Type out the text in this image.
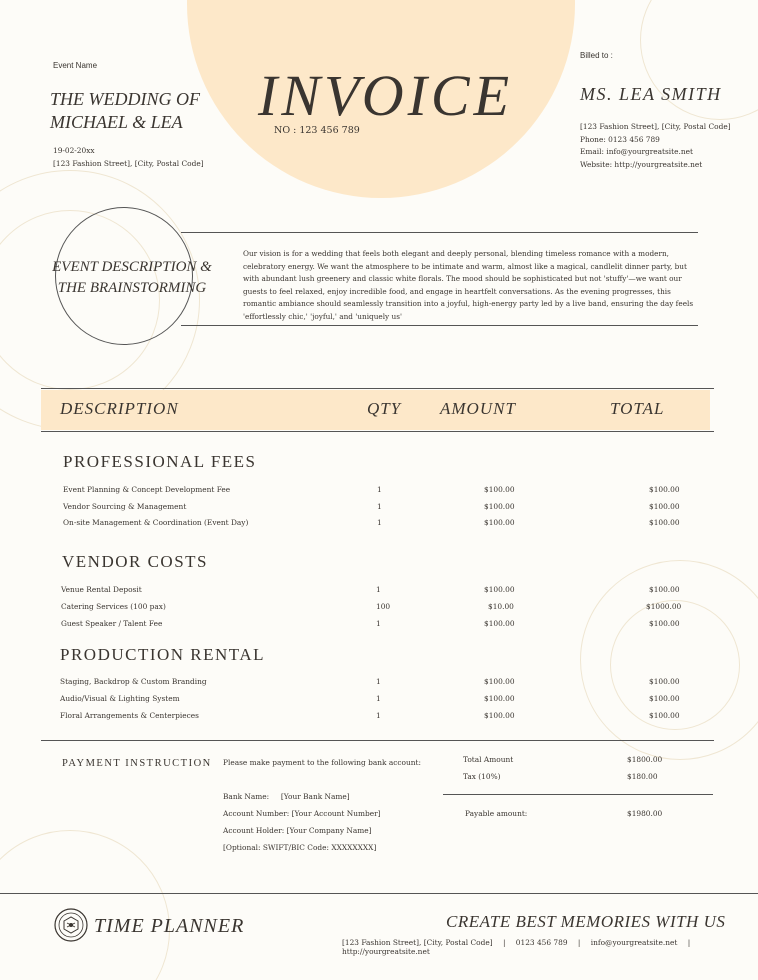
INVOICE
NO : 123 456 789
Event Name
THE WEDDING OF
MICHAEL & LEA
19-02-20xx
[123 Fashion Street], [City, Postal Code]
Billed to :
MS. LEA SMITH
[123 Fashion Street], [City, Postal Code]
Phone: 0123 456 789
Email: info@yourgreatsite.net
Website: http://yourgreatsite.net
EVENT DESCRIPTION &
THE BRAINSTORMING
Our vision is for a wedding that feels both elegant and deeply personal, blending timeless romance with a modern, celebratory energy. We want the atmosphere to be intimate and warm, almost like a magical, candlelit dinner party, but with abundant lush greenery and classic white florals. The mood should be sophisticated but not 'stuffy'—we want our guests to feel relaxed, enjoy incredible food, and engage in heartfelt conversations. As the evening progresses, this romantic ambiance should seamlessly transition into a joyful, high-energy party led by a live band, ensuring the day feels 'effortlessly chic,' 'joyful,' and 'uniquely us'
DESCRIPTION	QTY AMOUNT	TOTAL
PROFESSIONAL FEES
Event Planning & Concept Development Fee	1	$100.00	$100.00
Vendor Sourcing & Management	1	$100.00	$100.00
On-site Management & Coordination (Event Day)	1	$100.00	$100.00
VENDOR COSTS
Venue Rental Deposit	1	$100.00	$100.00
Catering Services (100 pax)	100	$10.00	$1000.00
Guest Speaker / Talent Fee	1	$100.00	$100.00
PRODUCTION RENTAL
Staging, Backdrop & Custom Branding	1	$100.00	$100.00
Audio/Visual & Lighting System	1	$100.00	$100.00
Floral Arrangements & Centerpieces	1	$100.00	$100.00
PAYMENT INSTRUCTION Please make payment to the following bank account:
Bank Name:     [Your Bank Name]
Account Number: [Your Account Number]
Account Holder: [Your Company Name]
[Optional: SWIFT/BIC Code: XXXXXXXX]
Total Amount	$1800.00
Tax (10%)	$180.00
Payable amount:	$1980.00
TIME PLANNER	CREATE BEST MEMORIES WITH US
[123 Fashion Street], [City, Postal Code] | 0123 456 789 | info@yourgreatsite.net | http://yourgreatsite.net
